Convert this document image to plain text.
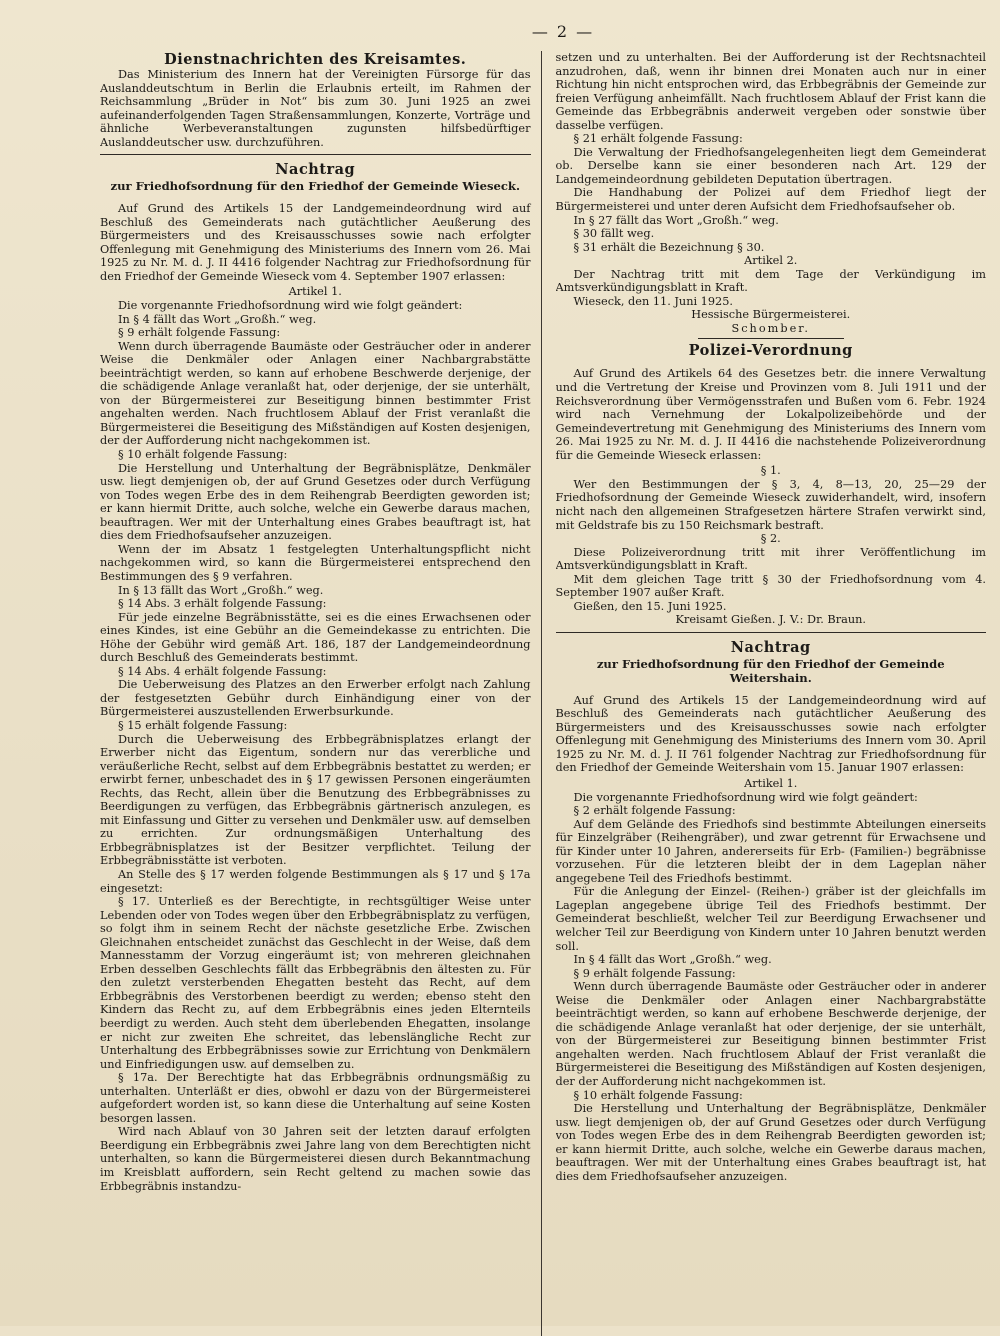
— 2 —
Dienstnachrichten des Kreisamtes.

Das Ministerium des Innern hat der Vereinigten Fürsorge für das Auslanddeutschtum in Berlin die Erlaubnis erteilt, im Rahmen der Reichsammlung „Brüder in Not“ bis zum 30. Juni 1925 an zwei aufeinanderfolgenden Tagen Straßensammlungen, Konzerte, Vorträge und ähnliche Werbeveranstaltungen zugunsten hilfsbedürftiger Auslanddeutscher usw. durchzuführen.

Nachtrag
zur Friedhofsordnung für den Friedhof der Gemeinde Wieseck.

Auf Grund des Artikels 15 der Landgemeindeordnung wird auf Beschluß des Gemeinderats nach gutächtlicher Aeußerung des Bürgermeisters und des Kreisausschusses sowie nach erfolgter Offenlegung mit Genehmigung des Ministeriums des Innern vom 26. Mai 1925 zu Nr. M. d. J. II 4416 folgender Nachtrag zur Friedhofsordnung für den Friedhof der Gemeinde Wieseck vom 4. September 1907 erlassen:

Artikel 1.

Die vorgenannte Friedhofsordnung wird wie folgt geändert:

In § 4 fällt das Wort „Großh.“ weg.

§ 9 erhält folgende Fassung:

Wenn durch überragende Baumäste oder Gesträucher oder in anderer Weise die Denkmäler oder Anlagen einer Nachbargrabstätte beeinträchtigt werden, so kann auf erhobene Beschwerde derjenige, der die schädigende Anlage veranlaßt hat, oder derjenige, der sie unterhält, von der Bürgermeisterei zur Beseitigung binnen bestimmter Frist angehalten werden. Nach fruchtlosem Ablauf der Frist veranlaßt die Bürgermeisterei die Beseitigung des Mißständigen auf Kosten desjenigen, der der Aufforderung nicht nachgekommen ist.

§ 10 erhält folgende Fassung:

Die Herstellung und Unterhaltung der Begräbnisplätze, Denkmäler usw. liegt demjenigen ob, der auf Grund Gesetzes oder durch Verfügung von Todes wegen Erbe des in dem Reihengrab Beerdigten geworden ist; er kann hiermit Dritte, auch solche, welche ein Gewerbe daraus machen, beauftragen. Wer mit der Unterhaltung eines Grabes beauftragt ist, hat dies dem Friedhofsaufseher anzuzeigen.

Wenn der im Absatz 1 festgelegten Unterhaltungspflicht nicht nachgekommen wird, so kann die Bürgermeisterei entsprechend den Bestimmungen des § 9 verfahren.

In § 13 fällt das Wort „Großh.“ weg.

§ 14 Abs. 3 erhält folgende Fassung:

Für jede einzelne Begräbnisstätte, sei es die eines Erwachsenen oder eines Kindes, ist eine Gebühr an die Gemeindekasse zu entrichten. Die Höhe der Gebühr wird gemäß Art. 186, 187 der Landgemeindeordnung durch Beschluß des Gemeinderats bestimmt.

§ 14 Abs. 4 erhält folgende Fassung:

Die Ueberweisung des Platzes an den Erwerber erfolgt nach Zahlung der festgesetzten Gebühr durch Einhändigung einer von der Bürgermeisterei auszustellenden Erwerbsurkunde.

§ 15 erhält folgende Fassung:

Durch die Ueberweisung des Erbbegräbnisplatzes erlangt der Erwerber nicht das Eigentum, sondern nur das vererbliche und veräußerliche Recht, selbst auf dem Erbbegräbnis bestattet zu werden; er erwirbt ferner, unbeschadet des in § 17 gewissen Personen eingeräumten Rechts, das Recht, allein über die Benutzung des Erbbegräbnisses zu Beerdigungen zu verfügen, das Erbbegräbnis gärtnerisch anzulegen, es mit Einfassung und Gitter zu versehen und Denkmäler usw. auf demselben zu errichten. Zur ordnungsmäßigen Unterhaltung des Erbbegräbnisplatzes ist der Besitzer verpflichtet. Teilung der Erbbegräbnisstätte ist verboten.

An Stelle des § 17 werden folgende Bestimmungen als § 17 und § 17a eingesetzt:

§ 17. Unterließ es der Berechtigte, in rechtsgültiger Weise unter Lebenden oder von Todes wegen über den Erbbegräbnisplatz zu verfügen, so folgt ihm in seinem Recht der nächste gesetzliche Erbe. Zwischen Gleichnahen entscheidet zunächst das Geschlecht in der Weise, daß dem Mannesstamm der Vorzug eingeräumt ist; von mehreren gleichnahen Erben desselben Geschlechts fällt das Erbbegräbnis den ältesten zu. Für den zuletzt versterbenden Ehegatten besteht das Recht, auf dem Erbbegräbnis des Verstorbenen beerdigt zu werden; ebenso steht den Kindern das Recht zu, auf dem Erbbegräbnis eines jeden Elternteils beerdigt zu werden. Auch steht dem überlebenden Ehegatten, insolange er nicht zur zweiten Ehe schreitet, das lebenslängliche Recht zur Unterhaltung des Erbbegräbnisses sowie zur Errichtung von Denkmälern und Einfriedigungen usw. auf demselben zu.

§ 17a. Der Berechtigte hat das Erbbegräbnis ordnungsmäßig zu unterhalten. Unterläßt er dies, obwohl er dazu von der Bürgermeisterei aufgefordert worden ist, so kann diese die Unterhaltung auf seine Kosten besorgen lassen.

Wird nach Ablauf von 30 Jahren seit der letzten darauf erfolgten Beerdigung ein Erbbegräbnis zwei Jahre lang von dem Berechtigten nicht unterhalten, so kann die Bürgermeisterei diesen durch Bekanntmachung im Kreisblatt auffordern, sein Recht geltend zu machen sowie das Erbbegräbnis instandzu-

setzen und zu unterhalten. Bei der Aufforderung ist der Rechtsnachteil anzudrohen, daß, wenn ihr binnen drei Monaten auch nur in einer Richtung hin nicht entsprochen wird, das Erbbegräbnis der Gemeinde zur freien Verfügung anheimfällt. Nach fruchtlosem Ablauf der Frist kann die Gemeinde das Erbbegräbnis anderweit vergeben oder sonstwie über dasselbe verfügen.

§ 21 erhält folgende Fassung:

Die Verwaltung der Friedhofsangelegenheiten liegt dem Gemeinderat ob. Derselbe kann sie einer besonderen nach Art. 129 der Landgemeindeordnung gebildeten Deputation übertragen.

Die Handhabung der Polizei auf dem Friedhof liegt der Bürgermeisterei und unter deren Aufsicht dem Friedhofsaufseher ob.

In § 27 fällt das Wort „Großh.“ weg.

§ 30 fällt weg.

§ 31 erhält die Bezeichnung § 30.

Artikel 2.

Der Nachtrag tritt mit dem Tage der Verkündigung im Amtsverkündigungsblatt in Kraft.

Wieseck, den 11. Juni 1925.

Hessische Bürgermeisterei.

Schomber.

Polizei-Verordnung

Auf Grund des Artikels 64 des Gesetzes betr. die innere Verwaltung und die Vertretung der Kreise und Provinzen vom 8. Juli 1911 und der Reichsverordnung über Vermögensstrafen und Bußen vom 6. Febr. 1924 wird nach Vernehmung der Lokalpolizeibehörde und der Gemeindevertretung mit Genehmigung des Ministeriums des Innern vom 26. Mai 1925 zu Nr. M. d. J. II 4416 die nachstehende Polizeiverordnung für die Gemeinde Wieseck erlassen:

§ 1.

Wer den Bestimmungen der § 3, 4, 8—13, 20, 25—29 der Friedhofsordnung der Gemeinde Wieseck zuwiderhandelt, wird, insofern nicht nach den allgemeinen Strafgesetzen härtere Strafen verwirkt sind, mit Geldstrafe bis zu 150 Reichsmark bestraft.

§ 2.

Diese Polizeiverordnung tritt mit ihrer Veröffentlichung im Amtsverkündigungsblatt in Kraft.

Mit dem gleichen Tage tritt § 30 der Friedhofsordnung vom 4. September 1907 außer Kraft.

Gießen, den 15. Juni 1925.

Kreisamt Gießen. J. V.: Dr. Braun.

Nachtrag
zur Friedhofsordnung für den Friedhof der Gemeinde Weitershain.

Auf Grund des Artikels 15 der Landgemeindeordnung wird auf Beschluß des Gemeinderats nach gutächtlicher Aeußerung des Bürgermeisters und des Kreisausschusses sowie nach erfolgter Offenlegung mit Genehmigung des Ministeriums des Innern vom 30. April 1925 zu Nr. M. d. J. II 761 folgender Nachtrag zur Friedhofsordnung für den Friedhof der Gemeinde Weitershain vom 15. Januar 1907 erlassen:

Artikel 1.

Die vorgenannte Friedhofsordnung wird wie folgt geändert:

§ 2 erhält folgende Fassung:

Auf dem Gelände des Friedhofs sind bestimmte Abteilungen einerseits für Einzelgräber (Reihengräber), und zwar getrennt für Erwachsene und für Kinder unter 10 Jahren, andererseits für Erb- (Familien-) begräbnisse vorzusehen. Für die letzteren bleibt der in dem Lageplan näher angegebene Teil des Friedhofs bestimmt.

Für die Anlegung der Einzel- (Reihen-) gräber ist der gleichfalls im Lageplan angegebene übrige Teil des Friedhofs bestimmt. Der Gemeinderat beschließt, welcher Teil zur Beerdigung Erwachsener und welcher Teil zur Beerdigung von Kindern unter 10 Jahren benutzt werden soll.

In § 4 fällt das Wort „Großh.“ weg.

§ 9 erhält folgende Fassung:

Wenn durch überragende Baumäste oder Gesträucher oder in anderer Weise die Denkmäler oder Anlagen einer Nachbargrabstätte beeinträchtigt werden, so kann auf erhobene Beschwerde derjenige, der die schädigende Anlage veranlaßt hat oder derjenige, der sie unterhält, von der Bürgermeisterei zur Beseitigung binnen bestimmter Frist angehalten werden. Nach fruchtlosem Ablauf der Frist veranlaßt die Bürgermeisterei die Beseitigung des Mißständigen auf Kosten desjenigen, der der Aufforderung nicht nachgekommen ist.

§ 10 erhält folgende Fassung:

Die Herstellung und Unterhaltung der Begräbnisplätze, Denkmäler usw. liegt demjenigen ob, der auf Grund Gesetzes oder durch Verfügung von Todes wegen Erbe des in dem Reihengrab Beerdigten geworden ist; er kann hiermit Dritte, auch solche, welche ein Gewerbe daraus machen, beauftragen. Wer mit der Unterhaltung eines Grabes beauftragt ist, hat dies dem Friedhofsaufseher anzuzeigen.
